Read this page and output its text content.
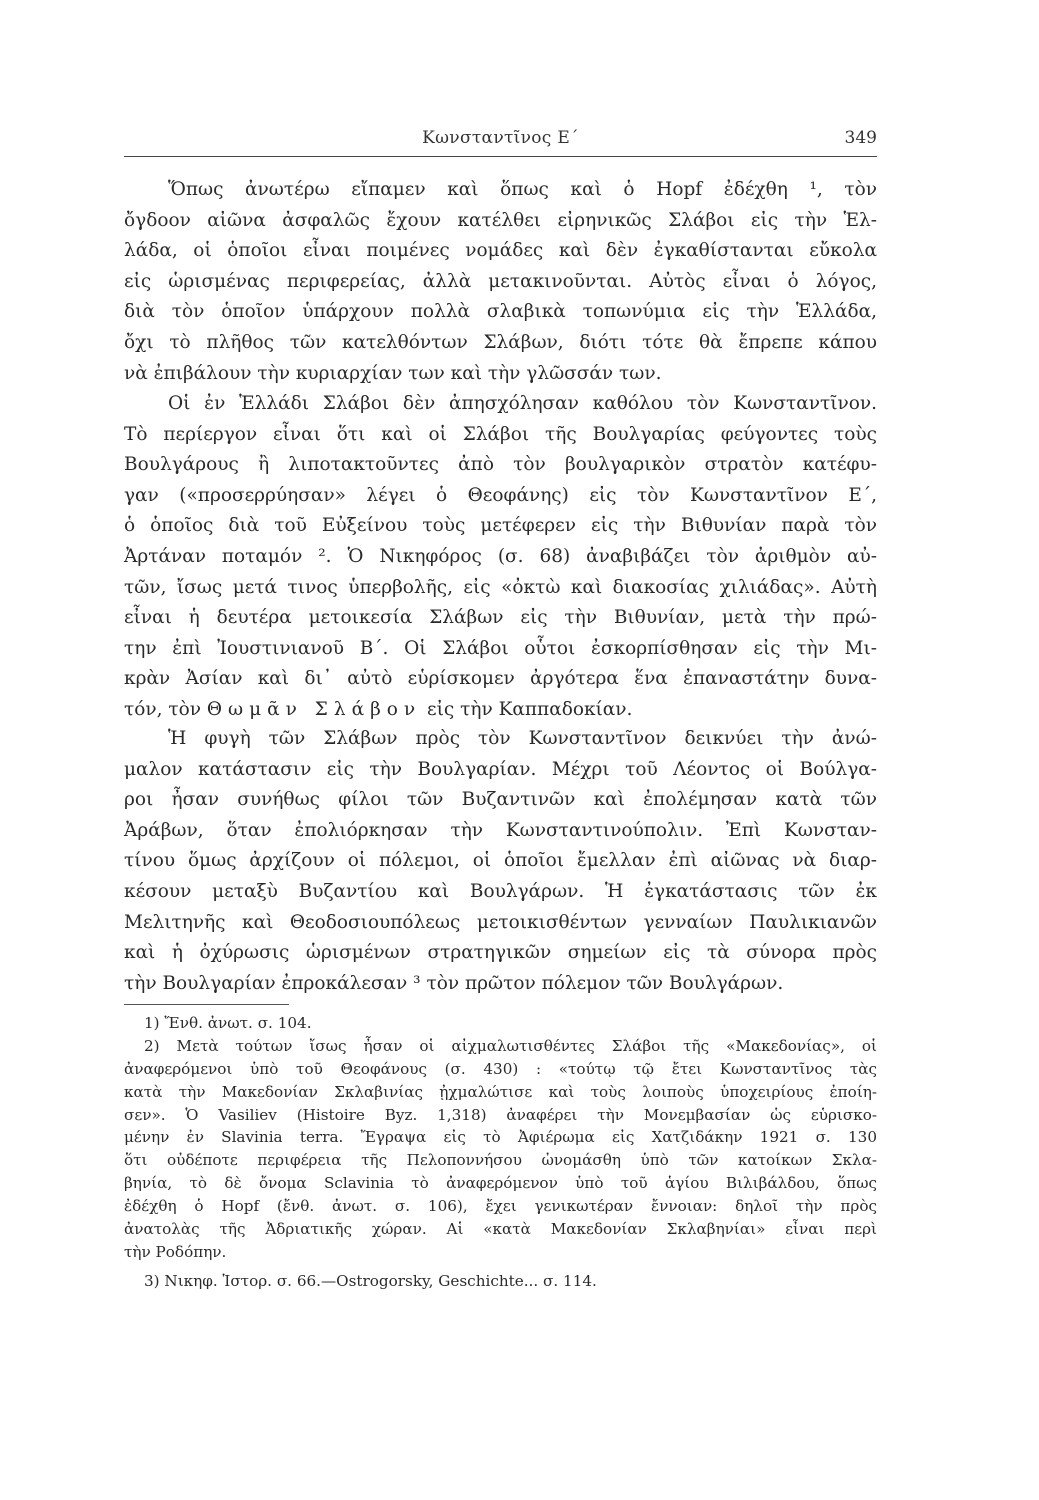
Κωνσταντῖνος Ε΄	349
Ὅπως ἀνωτέρω εἴπαμεν καὶ ὅπως καὶ ὁ Hopf ἐδέχθη ¹, τὸν
ὄγδοον αἰῶνα ἀσφαλῶς ἔχουν κατέλθει εἰρηνικῶς Σλάβοι εἰς τὴν Ἑλ-
λάδα, οἱ ὁποῖοι εἶναι ποιμένες νομάδες καὶ δὲν ἐγκαθίστανται εὔκολα
εἰς ὡρισμένας περιφερείας, ἀλλὰ μετακινοῦνται. Αὐτὸς εἶναι ὁ λόγος,
διὰ τὸν ὁποῖον ὑπάρχουν πολλὰ σλαβικὰ τοπωνύμια εἰς τὴν Ἑλλάδα,
ὄχι τὸ πλῆθος τῶν κατελθόντων Σλάβων, διότι τότε θὰ ἔπρεπε κάπου
νὰ ἐπιβάλουν τὴν κυριαρχίαν των καὶ τὴν γλῶσσάν των.
Οἱ ἐν Ἑλλάδι Σλάβοι δὲν ἀπησχόλησαν καθόλου τὸν Κωνσταντῖνον.
Τὸ περίεργον εἶναι ὅτι καὶ οἱ Σλάβοι τῆς Βουλγαρίας φεύγοντες τοὺς
Βουλγάρους ἢ λιποτακτοῦντες ἀπὸ τὸν βουλγαρικὸν στρατὸν κατέφυ-
γαν («προσερρύησαν» λέγει ὁ Θεοφάνης) εἰς τὸν Κωνσταντῖνον Ε΄,
ὁ ὁποῖος διὰ τοῦ Εὐξείνου τοὺς μετέφερεν εἰς τὴν Βιθυνίαν παρὰ τὸν
Ἀρτάναν ποταμόν ². Ὁ Νικηφόρος (σ. 68) ἀναβιβάζει τὸν ἀριθμὸν αὐ-
τῶν, ἴσως μετά τινος ὑπερβολῆς, εἰς «ὀκτὼ καὶ διακοσίας χιλιάδας». Αὐτὴ
εἶναι ἡ δευτέρα μετοικεσία Σλάβων εἰς τὴν Βιθυνίαν, μετὰ τὴν πρώ-
την ἐπὶ Ἰουστινιανοῦ Β΄. Οἱ Σλάβοι οὗτοι ἐσκορπίσθησαν εἰς τὴν Μι-
κρὰν Ἀσίαν καὶ δι᾽ αὐτὸ εὑρίσκομεν ἀργότερα ἕνα ἐπαναστάτην δυνα-
τόν, τὸν Θωμᾶν Σλάβον εἰς τὴν Καππαδοκίαν.
Ἡ φυγὴ τῶν Σλάβων πρὸς τὸν Κωνσταντῖνον δεικνύει τὴν ἀνώ-
μαλον κατάστασιν εἰς τὴν Βουλγαρίαν. Μέχρι τοῦ Λέοντος οἱ Βούλγα-
ροι ἦσαν συνήθως φίλοι τῶν Βυζαντινῶν καὶ ἐπολέμησαν κατὰ τῶν
Ἀράβων, ὅταν ἐπολιόρκησαν τὴν Κωνσταντινούπολιν. Ἐπὶ Κωνσταν-
τίνου ὅμως ἀρχίζουν οἱ πόλεμοι, οἱ ὁποῖοι ἔμελλαν ἐπὶ αἰῶνας νὰ διαρ-
κέσουν μεταξὺ Βυζαντίου καὶ Βουλγάρων. Ἡ ἐγκατάστασις τῶν ἐκ
Μελιτηνῆς καὶ Θεοδοσιουπόλεως μετοικισθέντων γενναίων Παυλικιανῶν
καὶ ἡ ὀχύρωσις ὡρισμένων στρατηγικῶν σημείων εἰς τὰ σύνορα πρὸς
τὴν Βουλγαρίαν ἐπροκάλεσαν ³ τὸν πρῶτον πόλεμον τῶν Βουλγάρων.
1) Ἔνθ. ἀνωτ. σ. 104.
2) Μετὰ τούτων ἴσως ἦσαν οἱ αἰχμαλωτισθέντες Σλάβοι τῆς «Μακεδονίας», οἱ
ἀναφερόμενοι ὑπὸ τοῦ Θεοφάνους (σ. 430) : «τούτῳ τῷ ἔτει Κωνσταντῖνος τὰς
κατὰ τὴν Μακεδονίαν Σκλαβινίας ᾐχμαλώτισε καὶ τοὺς λοιποὺς ὑποχειρίους ἐποίη-
σεν». Ὁ Vasiliev (Histoire Byz. 1,318) ἀναφέρει τὴν Μονεμβασίαν ὡς εὑρισκο-
μένην ἐν Slavinia terra. Ἔγραψα εἰς τὸ Ἀφιέρωμα εἰς Χατζιδάκην 1921 σ. 130
ὅτι οὐδέποτε περιφέρεια τῆς Πελοποννήσου ὠνομάσθη ὑπὸ τῶν κατοίκων Σκλα-
βηνία, τὸ δὲ ὄνομα Sclavinia τὸ ἀναφερόμενον ὑπὸ τοῦ ἁγίου Βιλιβάλδου, ὅπως
ἐδέχθη ὁ Hopf (ἔνθ. ἀνωτ. σ. 106), ἔχει γενικωτέραν ἔννοιαν: δηλοῖ τὴν πρὸς
ἀνατολὰς τῆς Ἀδριατικῆς χώραν. Αἱ «κατὰ Μακεδονίαν Σκλαβηνίαι» εἶναι περὶ
τὴν Ροδόπην.
3) Νικηφ. Ἱστορ. σ. 66.—Ostrogorsky, Geschichte... σ. 114.
